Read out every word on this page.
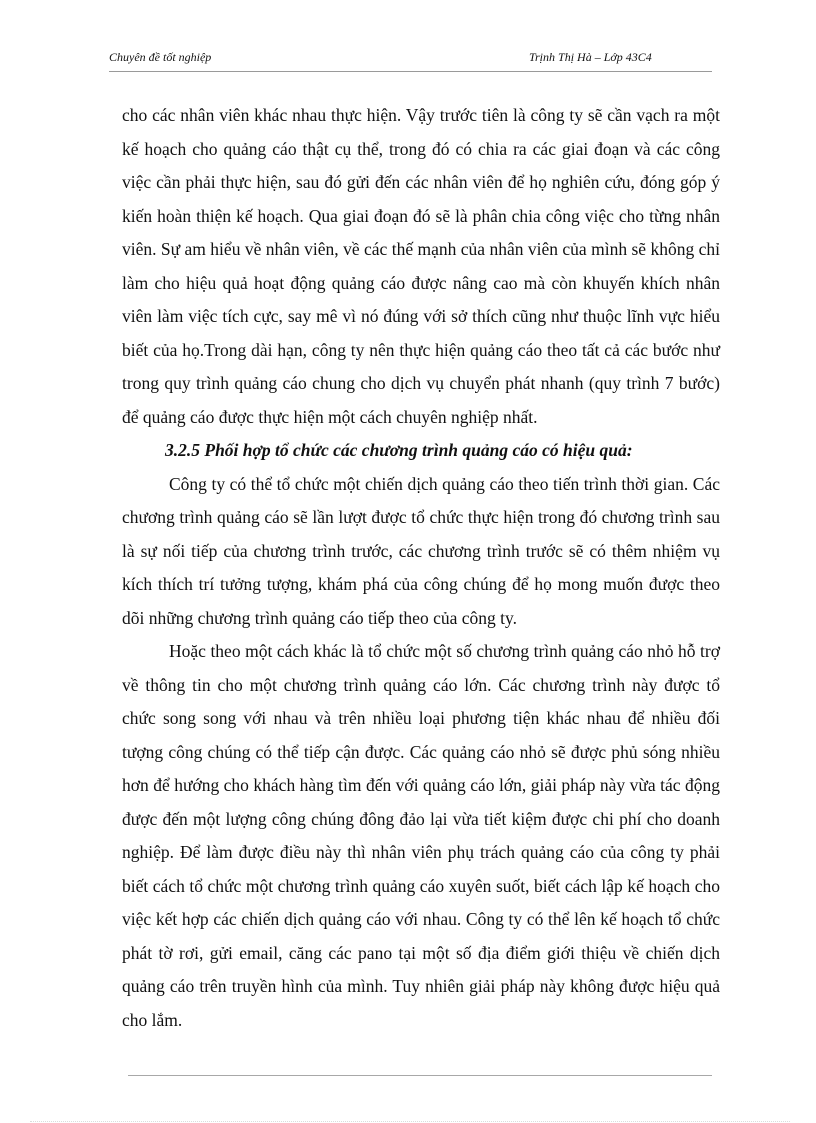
Chuyên đề tốt nghiệp	Trịnh Thị Hà – Lớp 43C4

cho các nhân viên khác nhau thực hiện. Vậy trước tiên là công ty sẽ cần vạch ra một kế hoạch cho quảng cáo thật cụ thể, trong đó có chia ra các giai đoạn và các công việc cần phải thực hiện, sau đó gửi đến các nhân viên để họ nghiên cứu, đóng góp ý kiến hoàn thiện kế hoạch. Qua giai đoạn đó sẽ là phân chia công việc cho từng nhân viên. Sự am hiểu về nhân viên, về các thế mạnh của nhân viên của mình sẽ không chỉ làm cho hiệu quả hoạt động quảng cáo được nâng cao mà còn khuyến khích nhân viên làm việc tích cực, say mê vì nó đúng với sở thích cũng như thuộc lĩnh vực hiểu biết của họ.Trong dài hạn, công ty nên thực hiện quảng cáo theo tất cả các bước như trong quy trình quảng cáo chung cho dịch vụ chuyển phát nhanh (quy trình 7 bước) để quảng cáo được thực hiện một cách chuyên nghiệp nhất.

3.2.5 Phối hợp tổ chức các chương trình quảng cáo có hiệu quả:

Công ty có thể tổ chức một chiến dịch quảng cáo theo tiến trình thời gian. Các chương trình quảng cáo sẽ lần lượt được tổ chức thực hiện trong đó chương trình sau là sự nối tiếp của chương trình trước, các chương trình trước sẽ có thêm nhiệm vụ kích thích trí tưởng tượng, khám phá của công chúng để họ mong muốn được theo dõi những chương trình quảng cáo tiếp theo của công ty.

Hoặc theo một cách khác là tổ chức một số chương trình quảng cáo nhỏ hỗ trợ về thông tin cho một chương trình quảng cáo lớn. Các chương trình này được tổ chức song song với nhau và trên nhiều loại phương tiện khác nhau để nhiều đối tượng công chúng có thể tiếp cận được. Các quảng cáo nhỏ sẽ được phủ sóng nhiều hơn để hướng cho khách hàng tìm đến với quảng cáo lớn, giải pháp này vừa tác động được đến một lượng công chúng đông đảo lại vừa tiết kiệm được chi phí cho doanh nghiệp. Để làm được điều này thì nhân viên phụ trách quảng cáo của công ty phải biết cách tổ chức một chương trình quảng cáo xuyên suốt, biết cách lập kế hoạch cho việc kết hợp các chiến dịch quảng cáo với nhau. Công ty có thể lên kế hoạch tổ chức phát tờ rơi, gửi email, căng các pano tại một số địa điểm giới thiệu về chiến dịch quảng cáo trên truyền hình của mình. Tuy nhiên giải pháp này không được hiệu quả cho lắm.
